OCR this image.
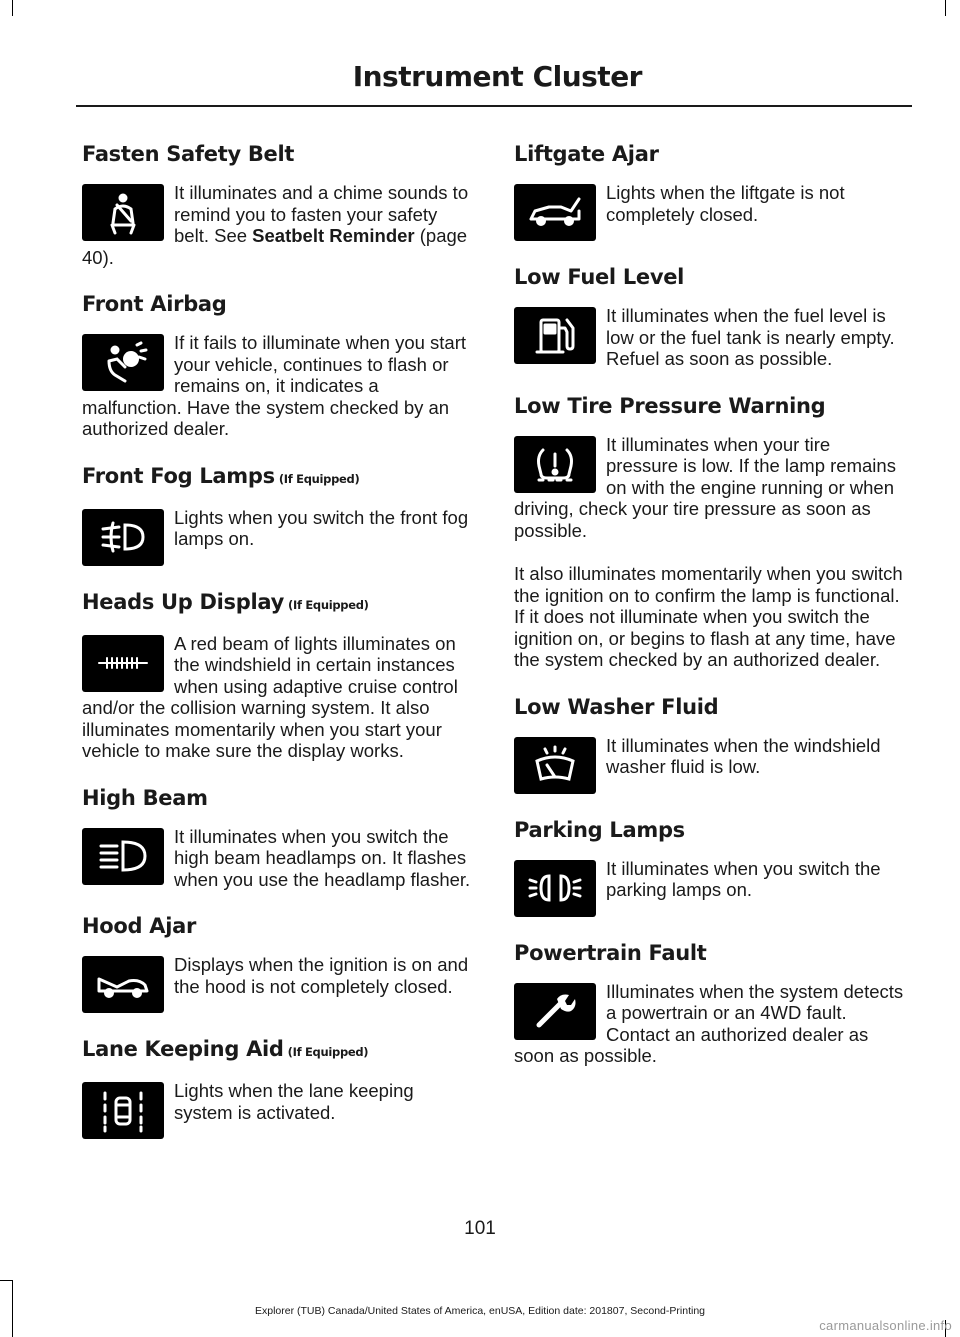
Instrument Cluster
Fasten Safety Belt
It illuminates and a chime sounds to remind you to fasten your safety belt. See Seatbelt Reminder (page 40).
Front Airbag
If it fails to illuminate when you start your vehicle, continues to flash or remains on, it indicates a malfunction. Have the system checked by an authorized dealer.
Front Fog Lamps (If Equipped)
Lights when you switch the front fog lamps on.
Heads Up Display (If Equipped)
A red beam of lights illuminates on the windshield in certain instances when using adaptive cruise control and/or the collision warning system. It also illuminates momentarily when you start your vehicle to make sure the display works.
High Beam
It illuminates when you switch the high beam headlamps on. It flashes when you use the headlamp flasher.
Hood Ajar
Displays when the ignition is on and the hood is not completely closed.
Lane Keeping Aid (If Equipped)
Lights when the lane keeping system is activated.
Liftgate Ajar
Lights when the liftgate is not completely closed.
Low Fuel Level
It illuminates when the fuel level is low or the fuel tank is nearly empty. Refuel as soon as possible.
Low Tire Pressure Warning
It illuminates when your tire pressure is low. If the lamp remains on with the engine running or when driving, check your tire pressure as soon as possible.
It also illuminates momentarily when you switch the ignition on to confirm the lamp is functional. If it does not illuminate when you switch the ignition on, or begins to flash at any time, have the system checked by an authorized dealer.
Low Washer Fluid
It illuminates when the windshield washer fluid is low.
Parking Lamps
It illuminates when you switch the parking lamps on.
Powertrain Fault
Illuminates when the system detects a powertrain or an 4WD fault. Contact an authorized dealer as soon as possible.
101
Explorer (TUB) Canada/United States of America, enUSA, Edition date: 201807, Second-Printing
carmanualsonline.info
